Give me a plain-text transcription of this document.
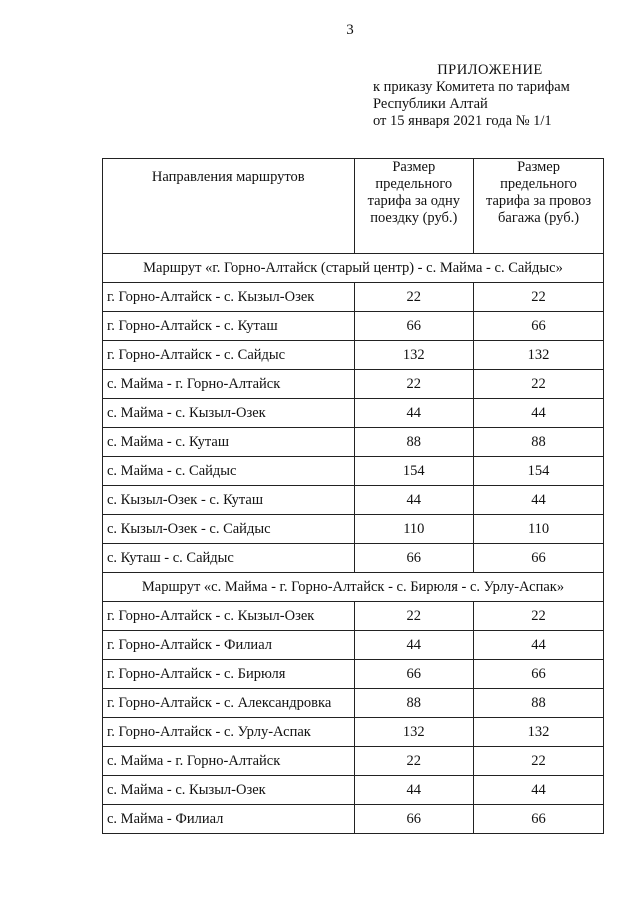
3
ПРИЛОЖЕНИЕ
к приказу Комитета по тарифам
Республики Алтай
от 15 января 2021 года № 1/1
Направления маршрутов	Размер предельного тарифа за одну поездку (руб.)	Размер предельного тарифа за провоз багажа (руб.)
Маршрут «г. Горно-Алтайск (старый центр) - с. Майма - с. Сайдыс»		
г. Горно-Алтайск - с. Кызыл-Озек	22	22
г. Горно-Алтайск - с. Куташ	66	66
г. Горно-Алтайск - с. Сайдыс	132	132
с. Майма - г. Горно-Алтайск	22	22
с. Майма - с. Кызыл-Озек	44	44
с. Майма - с. Куташ	88	88
с. Майма - с. Сайдыс	154	154
с. Кызыл-Озек - с. Куташ	44	44
с. Кызыл-Озек - с. Сайдыс	110	110
с. Куташ - с. Сайдыс	66	66
Маршрут «с. Майма - г. Горно-Алтайск - с. Бирюля - с. Урлу-Аспак»		
г. Горно-Алтайск - с. Кызыл-Озек	22	22
г. Горно-Алтайск - Филиал	44	44
г. Горно-Алтайск - с. Бирюля	66	66
г. Горно-Алтайск - с. Александровка	88	88
г. Горно-Алтайск - с. Урлу-Аспак	132	132
с. Майма - г. Горно-Алтайск	22	22
с. Майма - с. Кызыл-Озек	44	44
с. Майма - Филиал	66	66
